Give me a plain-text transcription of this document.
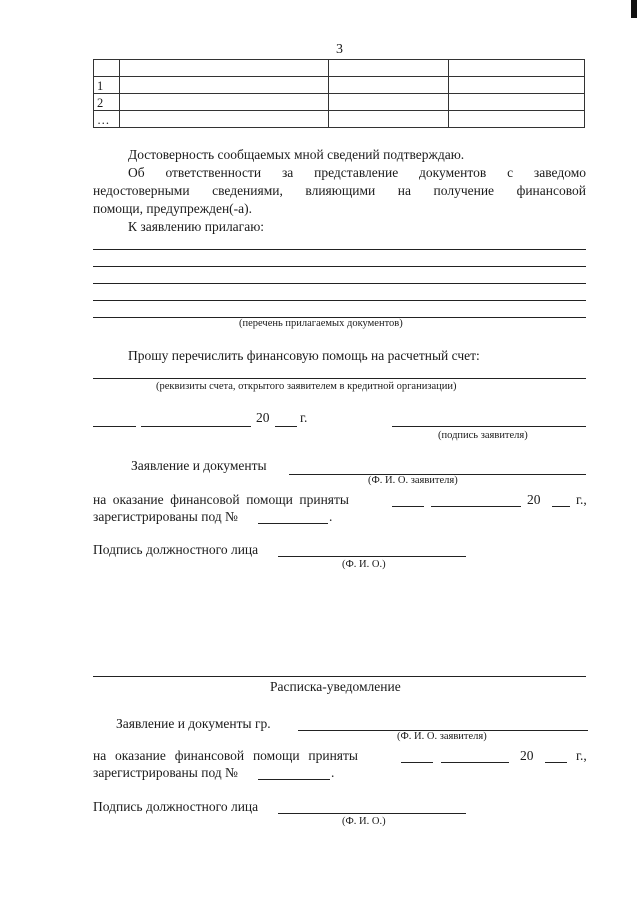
3

1			
2			
…			
Достоверность сообщаемых мной сведений подтверждаю.
Об ответственности за представление документов с заведомо
недостоверными сведениями, влияющими на получение финансовой
помощи, предупрежден(-а).
К заявлению прилагаю:
(перечень прилагаемых документов)
Прошу перечислить финансовую помощь на расчетный счет:
(реквизиты счета, открытого заявителем в кредитной организации)
20 г.
(подпись заявителя)
Заявление и документы
(Ф. И. О. заявителя)
на оказание финансовой помощи приняты	20	г.,
зарегистрированы под №	.
Подпись должностного лица
(Ф. И. О.)
Расписка-уведомление
Заявление и документы гр.
(Ф. И. О. заявителя)
на оказание финансовой помощи приняты	20	г.,
зарегистрированы под №	.
Подпись должностного лица
(Ф. И. О.)
